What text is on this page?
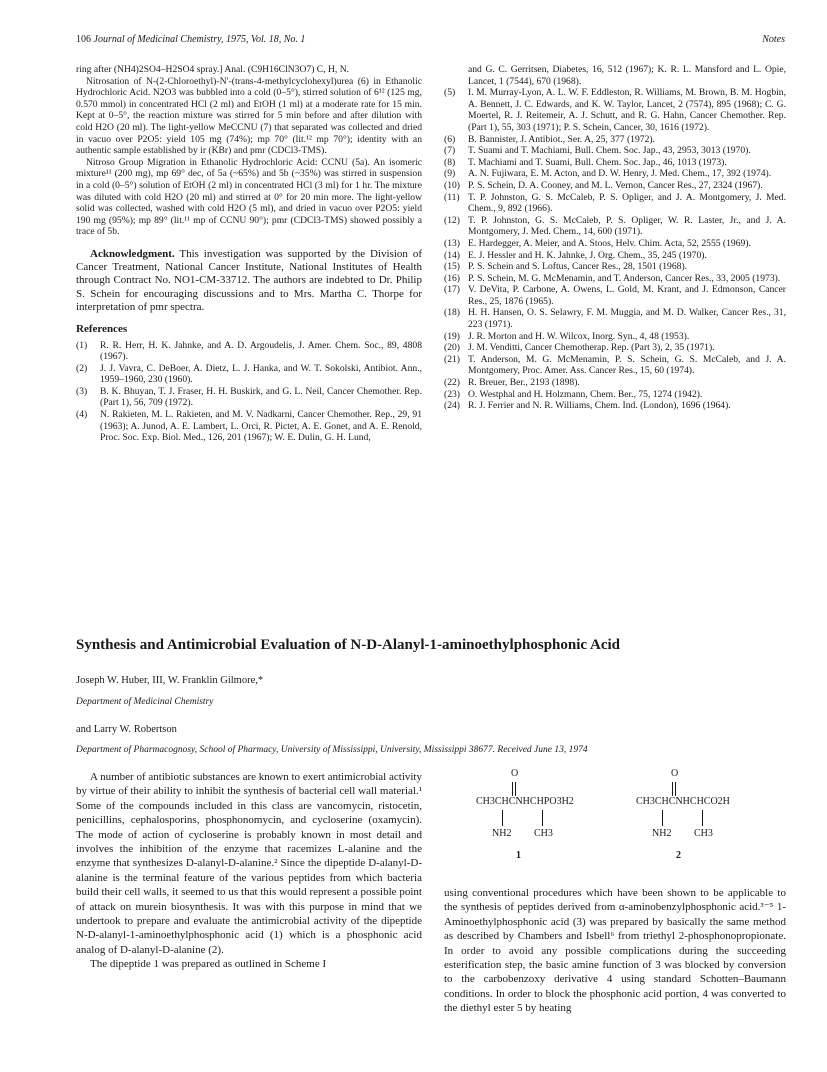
106 Journal of Medicinal Chemistry, 1975, Vol. 18, No. 1	Notes

ring after (NH4)2SO4–H2SO4 spray.] Anal. (C9H16ClN3O7) C, H, N.

Nitrosation of N-(2-Chloroethyl)-N′-(trans-4-methylcyclohexyl)urea (6) in Ethanolic Hydrochloric Acid. N2O3 was bubbled into a cold (0–5°), stirred solution of 6¹² (125 mg, 0.570 mmol) in concentrated HCl (2 ml) and EtOH (1 ml) at a moderate rate for 15 min. Kept at 0–5°, the reaction mixture was stirred for 5 min before and after dilution with cold H2O (20 ml). The light-yellow MeCCNU (7) that separated was collected and dried in vacuo over P2O5: yield 105 mg (74%); mp 70° (lit.¹² mp 70°); identity with an authentic sample established by ir (KBr) and pmr (CDCl3-TMS).

Nitroso Group Migration in Ethanolic Hydrochloric Acid: CCNU (5a). An isomeric mixture¹¹ (200 mg), mp 69° dec, of 5a (~65%) and 5b (~35%) was stirred in suspension in a cold (0–5°) solution of EtOH (2 ml) in concentrated HCl (3 ml) for 1 hr. The mixture was diluted with cold H2O (20 ml) and stirred at 0° for 20 min more. The light-yellow solid was collected, washed with cold H2O (5 ml), and dried in vacuo over P2O5: yield 190 mg (95%); mp 89° (lit.¹¹ mp of CCNU 90°); pmr (CDCl3-TMS) showed possibly a trace of 5b.

Acknowledgment. This investigation was supported by the Division of Cancer Treatment, National Cancer Institute, National Institutes of Health through Contract No. NO1-CM-33712. The authors are indebted to Dr. Philip S. Schein for encouraging discussions and to Mrs. Martha C. Thorpe for interpretation of pmr spectra.

References

(1) R. R. Herr, H. K. Jahnke, and A. D. Argoudelis, J. Amer. Chem. Soc., 89, 4808 (1967).

(2) J. J. Vavra, C. DeBoer, A. Dietz, L. J. Hanka, and W. T. Sokolski, Antibiot. Ann., 1959–1960, 230 (1960).

(3) B. K. Bhuyan, T. J. Fraser, H. H. Buskirk, and G. L. Neil, Cancer Chemother. Rep. (Part 1), 56, 709 (1972).

(4) N. Rakieten, M. L. Rakieten, and M. V. Nadkarni, Cancer Chemother. Rep., 29, 91 (1963); A. Junod, A. E. Lambert, L. Orci, R. Pictet, A. E. Gonet, and A. E. Renold, Proc. Soc. Exp. Biol. Med., 126, 201 (1967); W. E. Dulin, G. H. Lund,

and G. C. Gerritsen, Diabetes, 16, 512 (1967); K. R. L. Mansford and L. Opie, Lancet, 1 (7544), 670 (1968).

(5) I. M. Murray-Lyon, A. L. W. F. Eddleston, R. Williams, M. Brown, B. M. Hogbin, A. Bennett, J. C. Edwards, and K. W. Taylor, Lancet, 2 (7574), 895 (1968); C. G. Moertel, R. J. Reitemeir, A. J. Schutt, and R. G. Hahn, Cancer Chemother. Rep. (Part 1), 55, 303 (1971); P. S. Schein, Cancer, 30, 1616 (1972).

(6) B. Bannister, J. Antibiot., Ser. A, 25, 377 (1972).

(7) T. Suami and T. Machiami, Bull. Chem. Soc. Jap., 43, 2953, 3013 (1970).

(8) T. Machiami and T. Suami, Bull. Chem. Soc. Jap., 46, 1013 (1973).

(9) A. N. Fujiwara, E. M. Acton, and D. W. Henry, J. Med. Chem., 17, 392 (1974).

(10) P. S. Schein, D. A. Cooney, and M. L. Vernon, Cancer Res., 27, 2324 (1967).

(11) T. P. Johnston, G. S. McCaleb, P. S. Opliger, and J. A. Montgomery, J. Med. Chem., 9, 892 (1966).

(12) T. P. Johnston, G. S. McCaleb, P. S. Opliger, W. R. Laster, Jr., and J. A. Montgomery, J. Med. Chem., 14, 600 (1971).

(13) E. Hardegger, A. Meier, and A. Stoos, Helv. Chim. Acta, 52, 2555 (1969).

(14) E. J. Hessler and H. K. Jahnke, J. Org. Chem., 35, 245 (1970).

(15) P. S. Schein and S. Loftus, Cancer Res., 28, 1501 (1968).

(16) P. S. Schein, M. G. McMenamin, and T. Anderson, Cancer Res., 33, 2005 (1973).

(17) V. DeVita, P. Carbone, A. Owens, L. Gold, M. Krant, and J. Edmonson, Cancer Res., 25, 1876 (1965).

(18) H. H. Hansen, O. S. Selawry, F. M. Muggia, and M. D. Walker, Cancer Res., 31, 223 (1971).

(19) J. R. Morton and H. W. Wilcox, Inorg. Syn., 4, 48 (1953).

(20) J. M. Venditti, Cancer Chemotherap. Rep. (Part 3), 2, 35 (1971).

(21) T. Anderson, M. G. McMenamin, P. S. Schein, G. S. McCaleb, and J. A. Montgomery, Proc. Amer. Ass. Cancer Res., 15, 60 (1974).

(22) R. Breuer, Ber., 2193 (1898).

(23) O. Westphal and H. Holzmann, Chem. Ber., 75, 1274 (1942).

(24) R. J. Ferrier and N. R. Williams, Chem. Ind. (London), 1696 (1964).

Synthesis and Antimicrobial Evaluation of N-D-Alanyl-1-aminoethylphosphonic Acid
Joseph W. Huber, III, W. Franklin Gilmore,*
Department of Medicinal Chemistry
and Larry W. Robertson
Department of Pharmacognosy, School of Pharmacy, University of Mississippi, University, Mississippi 38677. Received June 13, 1974

A number of antibiotic substances are known to exert antimicrobial activity by virtue of their ability to inhibit the synthesis of bacterial cell wall material.¹ Some of the compounds included in this class are vancomycin, ristocetin, penicillins, cephalosporins, phosphonomycin, and cycloserine (oxamycin). The mode of action of cycloserine is probably known in most detail and involves the inhibition of the enzyme that racemizes L-alanine and the enzyme that synthesizes D-alanyl-D-alanine.² Since the dipeptide D-alanyl-D-alanine is the terminal feature of the various peptides from which bacteria build their cell walls, it seemed to us that this would represent a possible point of attack on murein biosynthesis. It was with this purpose in mind that we undertook to prepare and evaluate the antimicrobial activity of the dipeptide N-D-alanyl-1-aminoethylphosphonic acid (1) which is a phosphonic acid analog of D-alanyl-D-alanine (2).

The dipeptide 1 was prepared as outlined in Scheme I

O
CH3CHCNHCHPO3H2
NH2 CH3
1
O
CH3CHCNHCHCO2H
NH2 CH3
2

using conventional procedures which have been shown to be applicable to the synthesis of peptides derived from α-aminobenzylphosphonic acid.³⁻⁵ 1-Aminoethylphosphonic acid (3) was prepared by basically the same method as described by Chambers and Isbell⁶ from triethyl 2-phosphonopropionate. In order to avoid any possible complications during the succeeding esterification step, the basic amine function of 3 was blocked by conversion to the carbobenzoxy derivative 4 using standard Schotten–Baumann conditions. In order to block the phosphonic acid portion, 4 was converted to the diethyl ester 5 by heating
